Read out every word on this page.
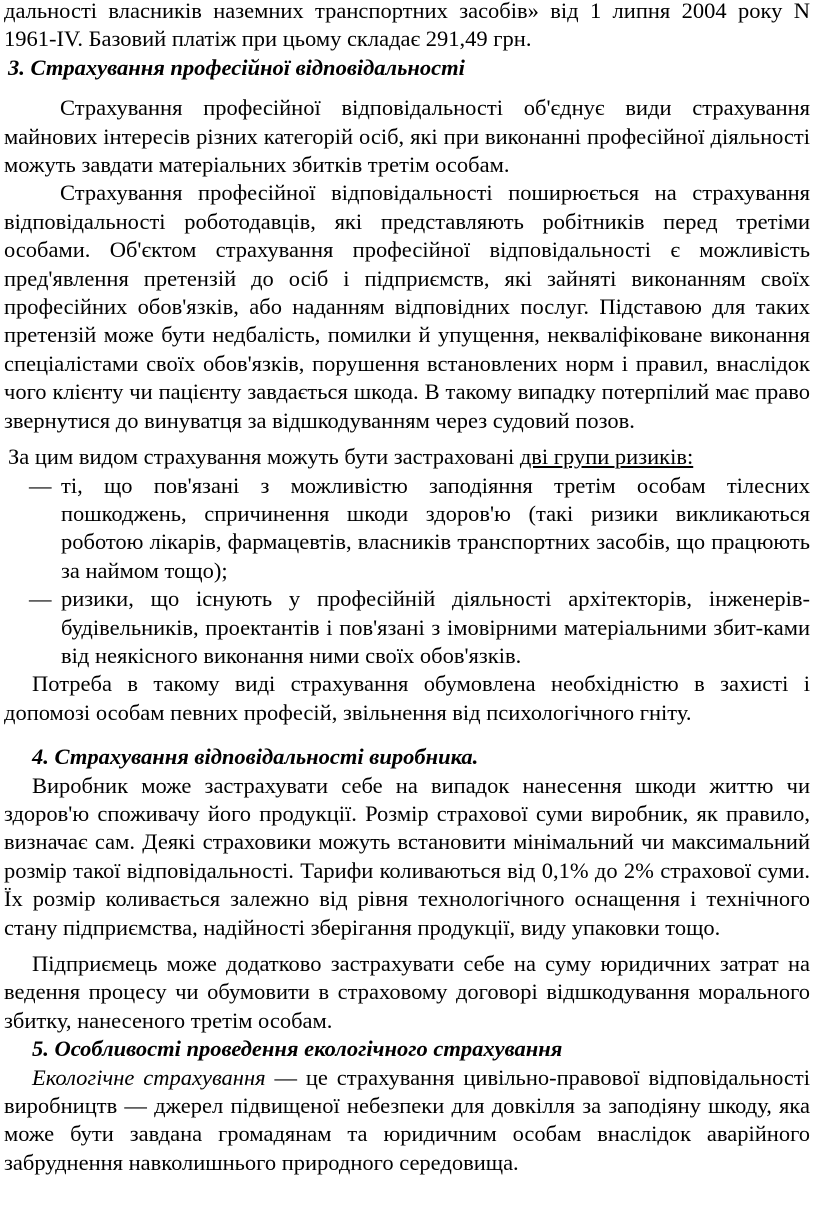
дальності власників наземних транспортних засобів» від 1 липня 2004 року N 1961-IV. Базовий платіж при цьому складає 291,49 грн.

3. Страхування професійної відповідальності

Страхування професійної відповідальності об'єднує види страхування майнових інтересів різних категорій осіб, які при виконанні професійної діяльності можуть завдати матеріальних збитків третім особам.

Страхування професійної відповідальності поширюється на страхування відповідальності роботодавців, які представляють робітників перед третіми особами. Об'єктом страхування професійної відповідальності є можливість пред'явлення претензій до осіб і підприємств, які зайняті виконанням своїх професійних обов'язків, або наданням відповідних послуг. Підставою для таких претензій може бути недбалість, помилки й упущення, некваліфіковане виконання спеціалістами своїх обов'язків, порушення встановлених норм і правил, внаслідок чого клієнту чи пацієнту завдається шкода. В такому випадку потерпілий має право звернутися до винуватця за відшкодуванням через судовий позов.

За цим видом страхування можуть бути застраховані дві групи ризиків:

— ті, що пов'язані з можливістю заподіяння третім особам тілесних пошкоджень, спричинення шкоди здоров'ю (такі ризики викликаються роботою лікарів, фармацевтів, власників транспортних засобів, що працюють за наймом тощо);
— ризики, що існують у професійній діяльності архітекторів, інженерів-будівельників, проектантів і пов'язані з імовірними матеріальними збит-ками від неякісного виконання ними своїх обов'язків.

Потреба в такому виді страхування обумовлена необхідністю в захисті і допомозі особам певних професій, звільнення від психологічного гніту.

4. Страхування відповідальності виробника.

Виробник може застрахувати себе на випадок нанесення шкоди життю чи здоров'ю споживачу його продукції. Розмір страхової суми виробник, як правило, визначає сам. Деякі страховики можуть встановити мінімальний чи максимальний розмір такої відповідальності. Тарифи коливаються від 0,1% до 2% страхової суми. Їх розмір коливається залежно від рівня технологічного оснащення і технічного стану підприємства, надійності зберігання продукції, виду упаковки тощо.

Підприємець може додатково застрахувати себе на суму юридичних затрат на ведення процесу чи обумовити в страховому договорі відшкодування морального збитку, нанесеного третім особам.

5. Особливості проведення екологічного страхування

Екологічне страхування — це страхування цивільно-правової відповідальності виробництв — джерел підвищеної небезпеки для довкілля за заподіяну шкоду, яка може бути завдана громадянам та юридичним особам внаслідок аварійного забруднення навколишнього природного середовища.
